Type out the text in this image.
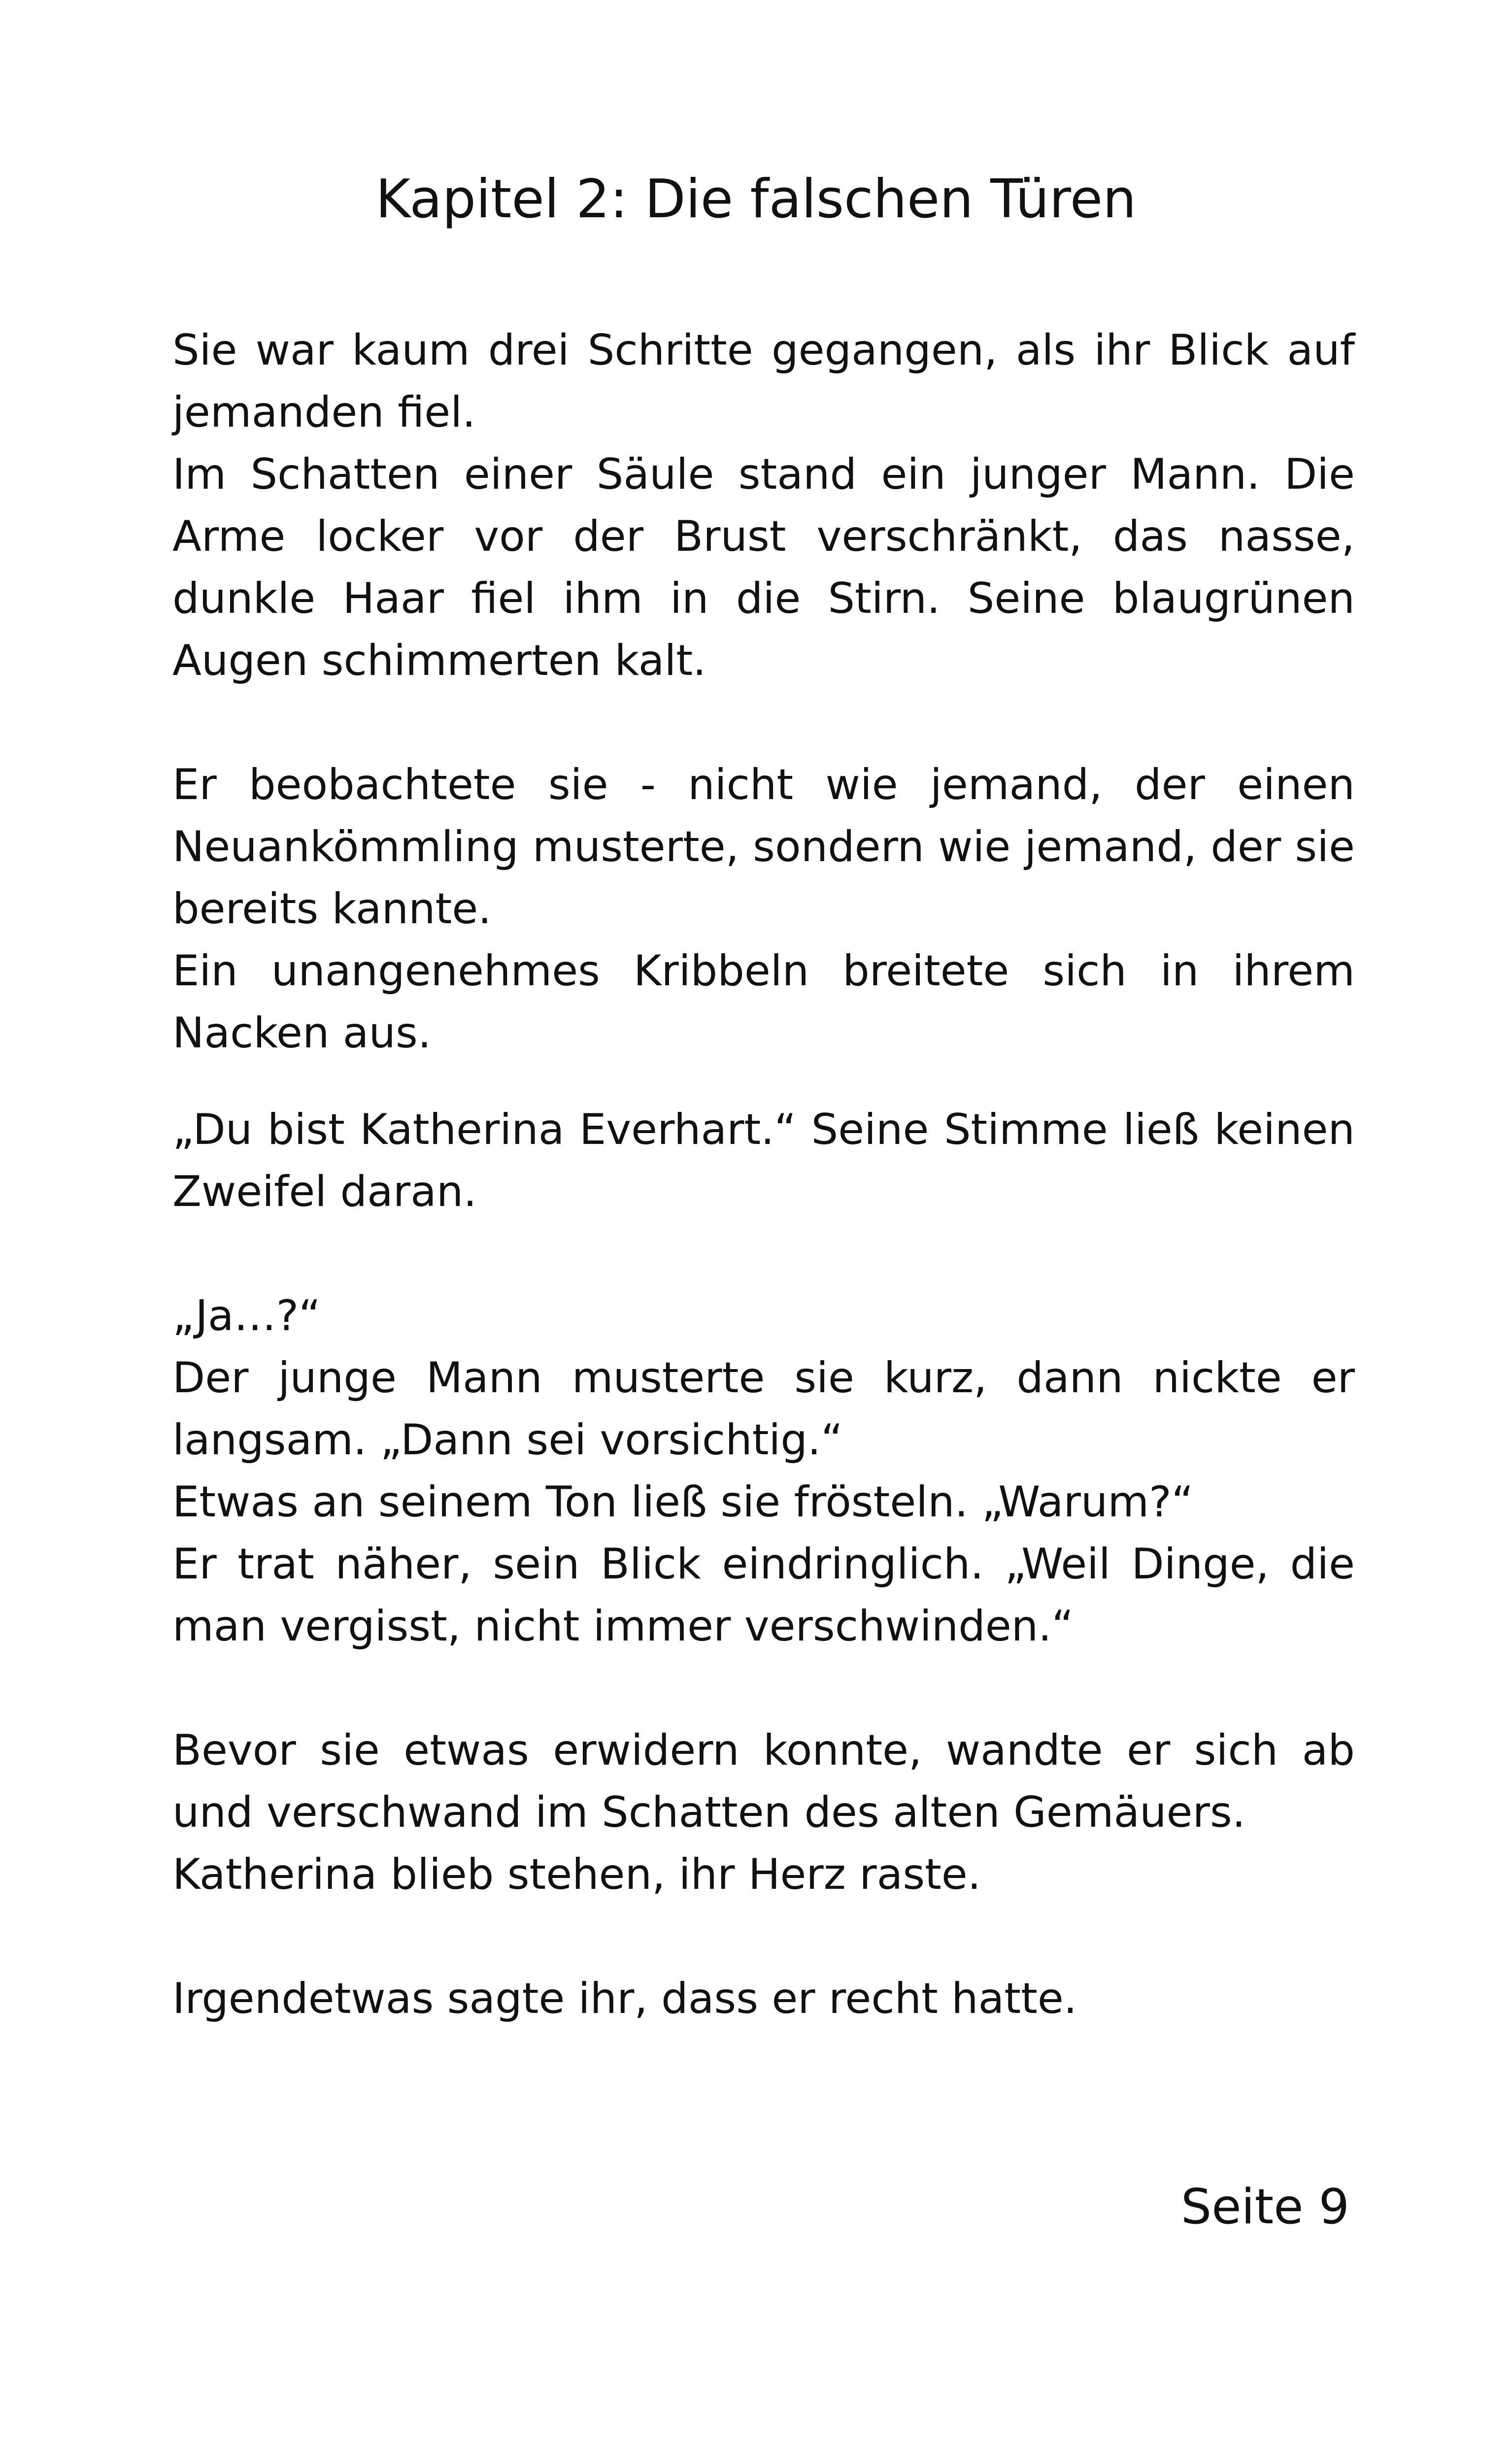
Kapitel 2: Die falschen Türen

Sie war kaum drei Schritte gegangen, als ihr Blick auf jemanden fiel.

Im Schatten einer Säule stand ein junger Mann. Die Arme locker vor der Brust verschränkt, das nasse, dunkle Haar fiel ihm in die Stirn. Seine blaugrünen Augen schimmerten kalt.

Er beobachtete sie - nicht wie jemand, der einen Neuankömmling musterte, sondern wie jemand, der sie bereits kannte.

Ein unangenehmes Kribbeln breitete sich in ihrem Nacken aus.

„Du bist Katherina Everhart.“ Seine Stimme ließ keinen Zweifel daran.

„Ja…?“

Der junge Mann musterte sie kurz, dann nickte er langsam. „Dann sei vorsichtig.“

Etwas an seinem Ton ließ sie frösteln. „Warum?“

Er trat näher, sein Blick eindringlich. „Weil Dinge, die man vergisst, nicht immer verschwinden.“

Bevor sie etwas erwidern konnte, wandte er sich ab und verschwand im Schatten des alten Gemäuers.

Katherina blieb stehen, ihr Herz raste.

Irgendetwas sagte ihr, dass er recht hatte.

Seite 9
